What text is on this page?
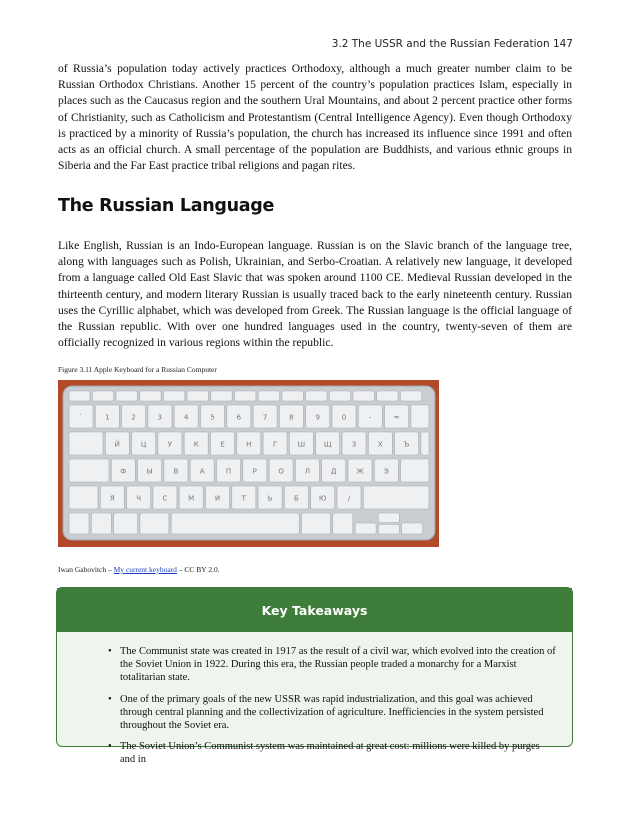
3.2 The USSR and the Russian Federation 147

of Russia’s population today actively practices Orthodoxy, although a much greater number claim to be Russian Orthodox Christians. Another 15 percent of the country’s population practices Islam, especially in places such as the Caucasus region and the southern Ural Mountains, and about 2 percent practice other forms of Christianity, such as Catholicism and Protestantism (Central Intelligence Agency). Even though Orthodoxy is practiced by a minority of Russia’s population, the church has increased its influence since 1991 and often acts as an official church. A small percentage of the population are Buddhists, and various ethnic groups in Siberia and the Far East practice tribal religions and pagan rites.

The Russian Language

Like English, Russian is an Indo-European language. Russian is on the Slavic branch of the language tree, along with languages such as Polish, Ukrainian, and Serbo-Croatian. A relatively new language, it developed from a language called Old East Slavic that was spoken around 1100 CE. Medieval Russian developed in the thirteenth century, and modern literary Russian is usually traced back to the early nineteenth century. Russian uses the Cyrillic alphabet, which was developed from Greek. The Russian language is the official language of the Russian republic. With over one hundred languages used in the country, twenty-seven of them are officially recognized in various regions within the republic.

Figure 3.11 Apple Keyboard for a Russian Computer
`	1	2	3	4	5	6	7	8	9	0	-	=
Й	Ц	У	К	Е	Н	Г	Ш	Щ	З	Х	Ъ
Ф	Ы	В	А	П	Р	О	Л	Д	Ж	Э
Я	Ч	С	М	И	Т	Ь	Б	Ю	/
Iwan Gabovitch – My current keyboard – CC BY 2.0.
Key Takeaways
• The Communist state was created in 1917 as the result of a civil war, which evolved into the creation of the Soviet Union in 1922. During this era, the Russian people traded a monarchy for a Marxist totalitarian state.
• One of the primary goals of the new USSR was rapid industrialization, and this goal was achieved through central planning and the collectivization of agriculture. Inefficiencies in the system persisted throughout the Soviet era.
• The Soviet Union’s Communist system was maintained at great cost: millions were killed by purges and in
